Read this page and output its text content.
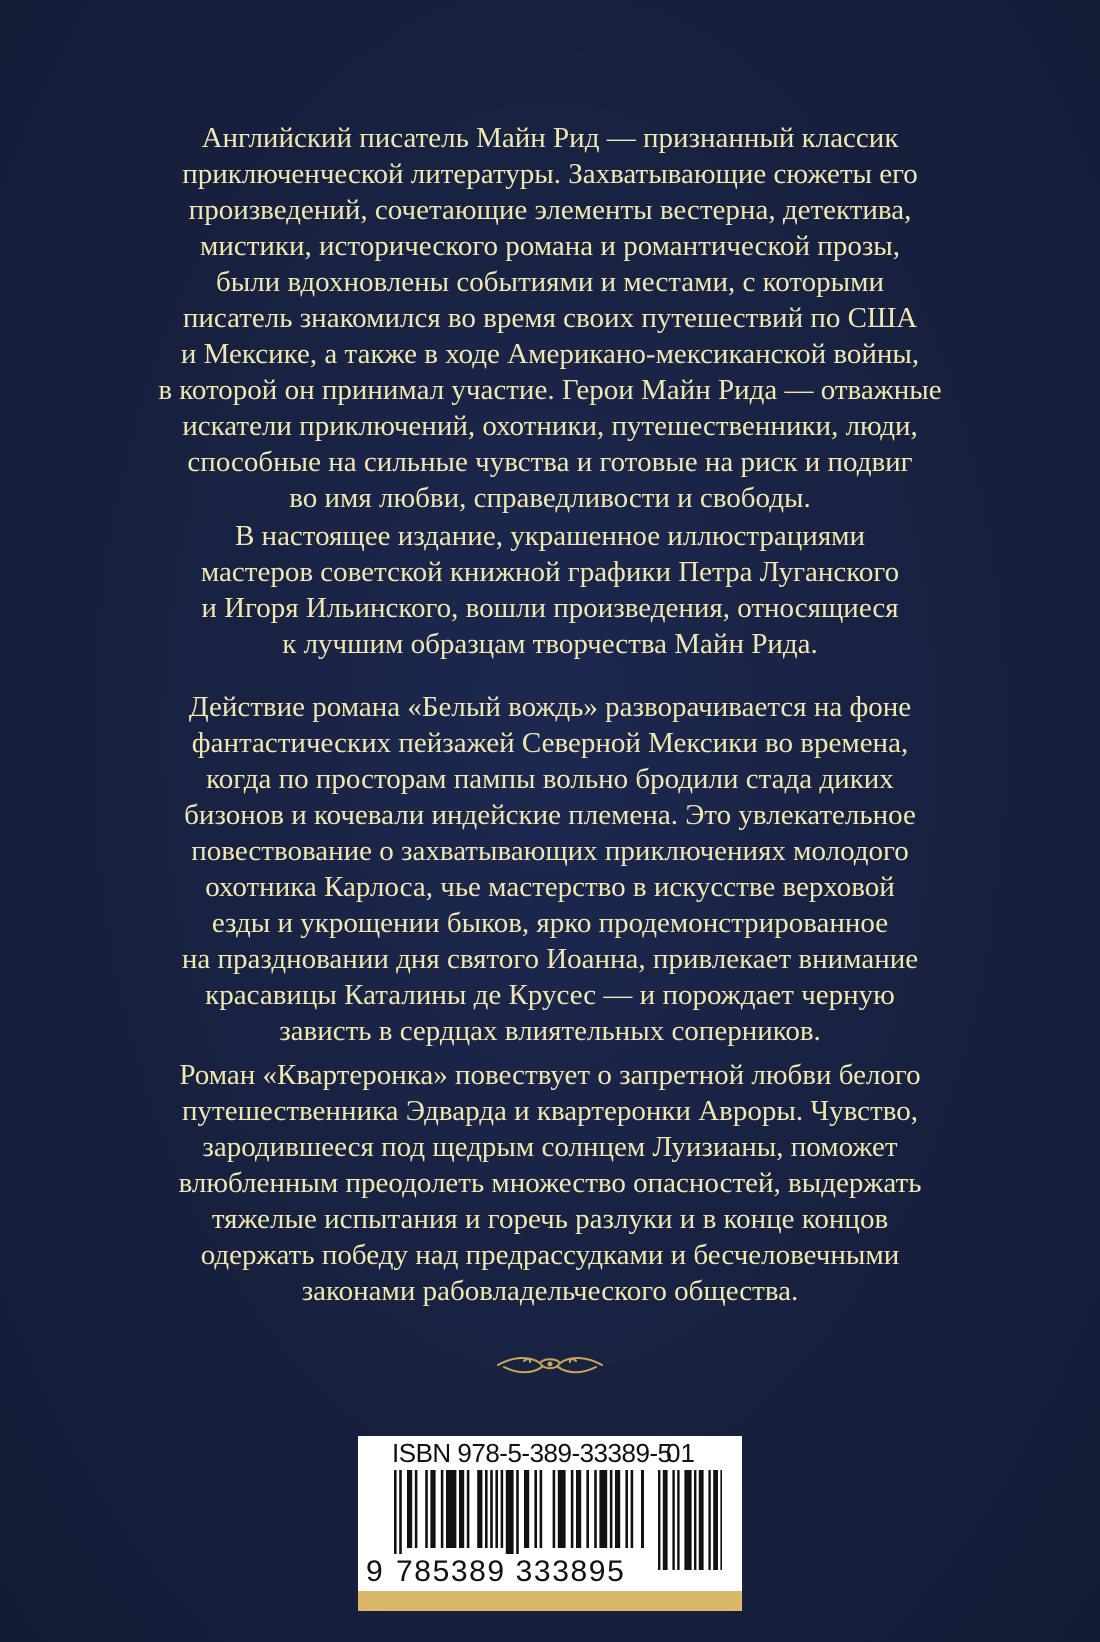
Английский писатель Майн Рид — признанный классик
приключенческой литературы. Захватывающие сюжеты его
произведений, сочетающие элементы вестерна, детектива,
мистики, исторического романа и романтической прозы,
были вдохновлены событиями и местами, с которыми
писатель знакомился во время своих путешествий по США
и Мексике, а также в ходе Американо-мексиканской войны,
в которой он принимал участие. Герои Майн Рида — отважные
искатели приключений, охотники, путешественники, люди,
способные на сильные чувства и готовые на риск и подвиг
во имя любви, справедливости и свободы.

В настоящее издание, украшенное иллюстрациями
мастеров советской книжной графики Петра Луганского
и Игоря Ильинского, вошли произведения, относящиеся
к лучшим образцам творчества Майн Рида.

Действие романа «Белый вождь» разворачивается на фоне
фантастических пейзажей Северной Мексики во времена,
когда по просторам пампы вольно бродили стада диких
бизонов и кочевали индейские племена. Это увлекательное
повествование о захватывающих приключениях молодого
охотника Карлоса, чье мастерство в искусстве верховой
езды и укрощении быков, ярко продемонстрированное
на праздновании дня святого Иоанна, привлекает внимание
красавицы Каталины де Крусес — и порождает черную
зависть в сердцах влиятельных соперников.

Роман «Квартеронка» повествует о запретной любви белого
путешественника Эдварда и квартеронки Авроры. Чувство,
зародившееся под щедрым солнцем Луизианы, поможет
влюбленным преодолеть множество опасностей, выдержать
тяжелые испытания и горечь разлуки и в конце концов
одержать победу над предрассудками и бесчеловечными
законами рабовладельческого общества.

ISBN 978-5-389-33389-5
01
9 785389 333895
